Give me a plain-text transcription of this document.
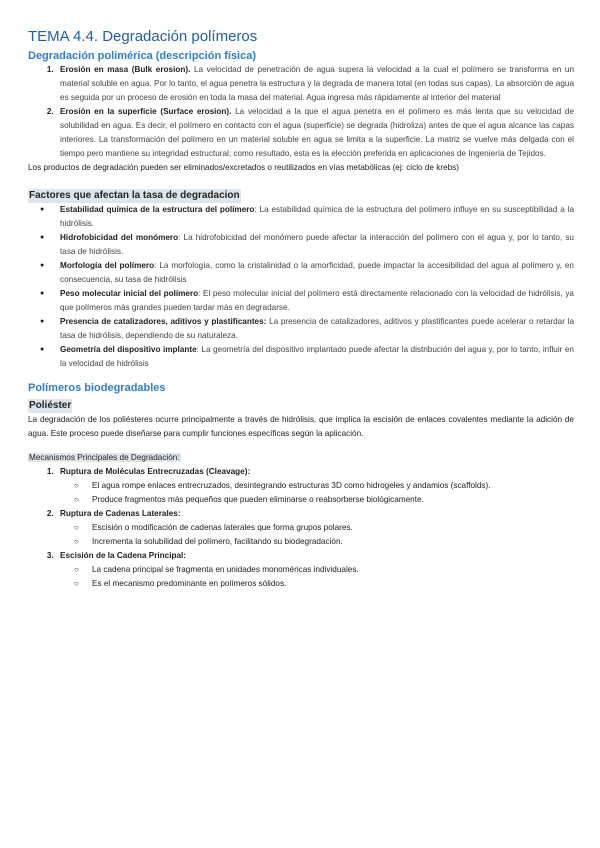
TEMA 4.4. Degradación polímeros
Degradación polimérica (descripción física)
1. Erosión en masa (Bulk erosion). La velocidad de penetración de agua supera la velocidad a la cual el polímero se transforma en un material soluble en agua. Por lo tanto, el agua penetra la estructura y la degrada de manera total (en todas sus capas). La absorción de agua es seguida por un proceso de erosión en toda la masa del material. Agua ingresa más rápidamente al interior del material
2. Erosión en la superficie (Surface erosion). La velocidad a la que el agua penetra en el polímero es más lenta que su velocidad de solubilidad en agua. Es decir, el polímero en contacto con el agua (superficie) se degrada (hidroliza) antes de que el agua alcance las capas interiores. La transformación del polímero en un material soluble en agua se limita a la superficie. La matriz se vuelve más delgada con el tiempo pero mantiene su integridad estructural; como resultado, esta es la elección preferida en aplicaciones de Ingeniería de Tejidos.

Los productos de degradación pueden ser eliminados/excretados o reutilizados en vías metabólicas (ej: ciclo de krebs)

Factores que afectan la tasa de degradacion
● Estabilidad química de la estructura del polímero: La estabilidad química de la estructura del polímero influye en su susceptibilidad a la hidrólisis.
● Hidrofobicidad del monómero: La hidrofobicidad del monómero puede afectar la interacción del polímero con el agua y, por lo tanto, su tasa de hidrólisis.
● Morfología del polímero: La morfología, como la cristalinidad o la amorficidad, puede impactar la accesibilidad del agua al polímero y, en consecuencia, su tasa de hidrólisis
● Peso molecular inicial del polímero: El peso molecular inicial del polímero está directamente relacionado con la velocidad de hidrólisis, ya que polímeros más grandes pueden tardar más en degradarse.
● Presencia de catalizadores, aditivos y plastificantes: La presencia de catalizadores, aditivos y plastificantes puede acelerar o retardar la tasa de hidrólisis, dependiendo de su naturaleza.
● Geometría del dispositivo implante: La geometría del dispositivo implantado puede afectar la distribución del agua y, por lo tanto, influir en la velocidad de hidrólisis
Polímeros biodegradables
Poliéster

La degradación de los poliésteres ocurre principalmente a través de hidrólisis, que implica la escisión de enlaces covalentes mediante la adición de agua. Este proceso puede diseñarse para cumplir funciones específicas según la aplicación.

Mecanismos Principales de Degradación:

1. Ruptura de Moléculas Entrecruzadas (Cleavage):
○ El agua rompe enlaces entrecruzados, desintegrando estructuras 3D como hidrogeles y andamios (scaffolds).
○ Produce fragmentos más pequeños que pueden eliminarse o reabsorberse biológicamente.
2. Ruptura de Cadenas Laterales:
○ Escisión o modificación de cadenas laterales que forma grupos polares.
○ Incrementa la solubilidad del polímero, facilitando su biodegradación.
3. Escisión de la Cadena Principal:
○ La cadena principal se fragmenta en unidades monoméricas individuales.
○ Es el mecanismo predominante en polímeros sólidos.
